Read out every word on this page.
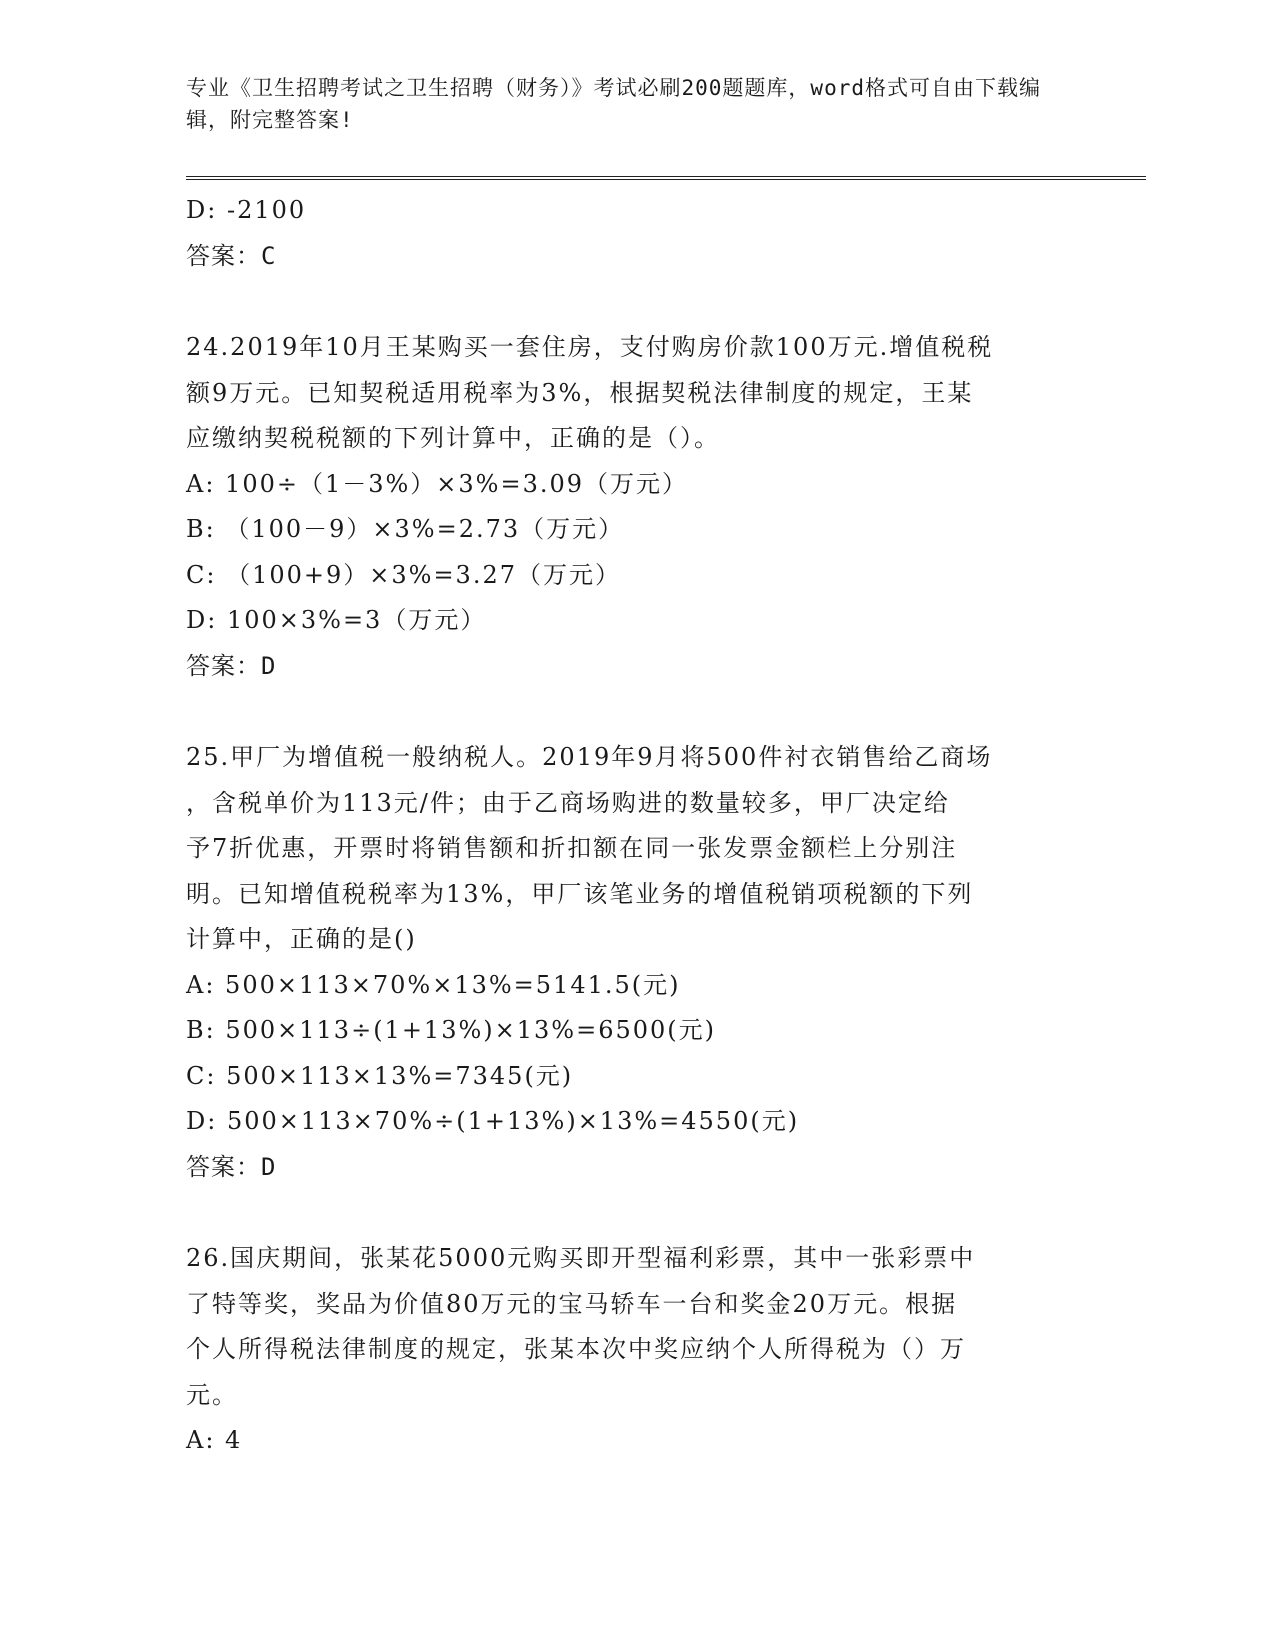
专业《卫生招聘考试之卫生招聘（财务）》考试必刷200题题库，word格式可自由下载编辑，附完整答案!
D: -2100
答案：C
24.2019年10月王某购买一套住房，支付购房价款100万元.增值税税
额9万元。已知契税适用税率为3%，根据契税法律制度的规定，王某
应缴纳契税税额的下列计算中，正确的是（）。
A: 100÷（1－3%）×3%=3.09（万元）
B: （100－9）×3%=2.73（万元）
C: （100+9）×3%=3.27（万元）
D: 100×3%=3（万元）
答案：D
25.甲厂为增值税一般纳税人。2019年9月将500件衬衣销售给乙商场
，含税单价为113元/件；由于乙商场购进的数量较多，甲厂决定给
予7折优惠，开票时将销售额和折扣额在同一张发票金额栏上分别注
明。已知增值税税率为13%，甲厂该笔业务的增值税销项税额的下列
计算中，正确的是()
A: 500×113×70%×13%=5141.5(元)
B: 500×113÷(1+13%)×13%=6500(元)
C: 500×113×13%=7345(元)
D: 500×113×70%÷(1+13%)×13%=4550(元)
答案：D
26.国庆期间，张某花5000元购买即开型福利彩票，其中一张彩票中
了特等奖，奖品为价值80万元的宝马轿车一台和奖金20万元。根据
个人所得税法律制度的规定，张某本次中奖应纳个人所得税为（）万
元。
A: 4
